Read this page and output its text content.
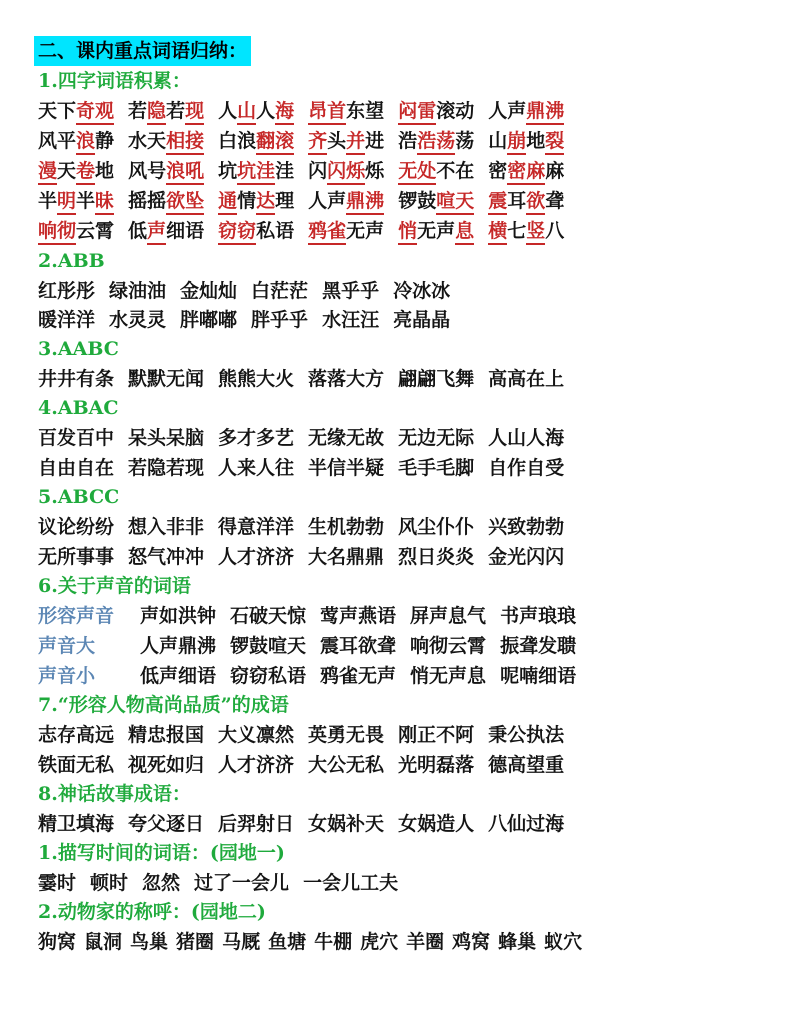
二、课内重点词语归纳：
1.四字词语积累：
天下奇观 若隐若现 人山人海 昂首东望 闷雷滚动 人声鼎沸
风平浪静 水天相接 白浪翻滚 齐头并进 浩浩荡荡 山崩地裂
漫天卷地 风号浪吼 坑坑洼洼 闪闪烁烁 无处不在 密密麻麻
半明半昧 摇摇欲坠 通情达理 人声鼎沸 锣鼓喧天 震耳欲聋
响彻云霄 低声细语 窃窃私语 鸦雀无声 悄无声息 横七竖八
2.ABB
红彤彤 绿油油 金灿灿 白茫茫 黑乎乎 冷冰冰
暖洋洋 水灵灵 胖嘟嘟 胖乎乎 水汪汪 亮晶晶
3.AABC
井井有条 默默无闻 熊熊大火 落落大方 翩翩飞舞 高高在上
4.ABAC
百发百中 呆头呆脑 多才多艺 无缘无故 无边无际 人山人海
自由自在 若隐若现 人来人往 半信半疑 毛手毛脚 自作自受
5.ABCC
议论纷纷 想入非非 得意洋洋 生机勃勃 风尘仆仆 兴致勃勃
无所事事 怒气冲冲 人才济济 大名鼎鼎 烈日炎炎 金光闪闪
6.关于声音的词语
形容声音 声如洪钟 石破天惊 莺声燕语 屏声息气 书声琅琅
声音大 人声鼎沸 锣鼓喧天 震耳欲聋 响彻云霄 振聋发聩
声音小 低声细语 窃窃私语 鸦雀无声 悄无声息 呢喃细语
7.“形容人物高尚品质”的成语
志存高远 精忠报国 大义凛然 英勇无畏 刚正不阿 秉公执法
铁面无私 视死如归 人才济济 大公无私 光明磊落 德高望重
8.神话故事成语：
精卫填海 夸父逐日 后羿射日 女娲补天 女娲造人 八仙过海
1.描写时间的词语：(园地一)
霎时 顿时 忽然 过了一会儿 一会儿工夫
2.动物家的称呼：(园地二)
狗窝 鼠洞 鸟巢 猪圈 马厩 鱼塘 牛棚 虎穴 羊圈 鸡窝 蜂巢 蚁穴
